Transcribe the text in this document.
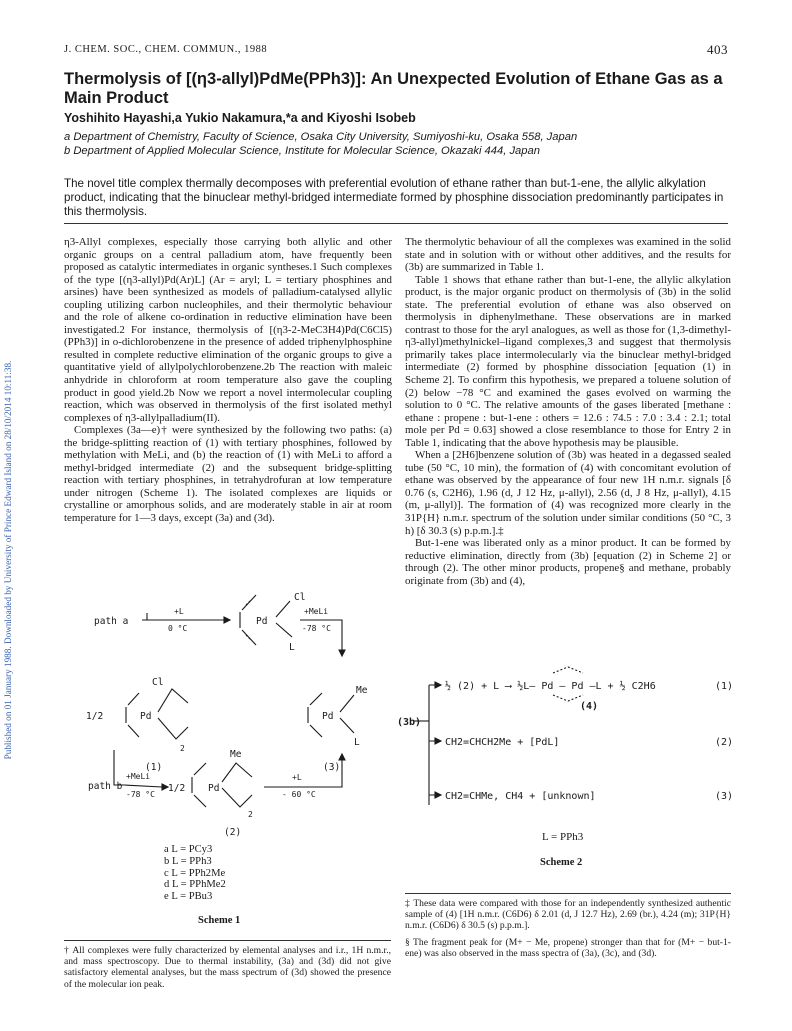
J. CHEM. SOC., CHEM. COMMUN., 1988	403
Published on 01 January 1988. Downloaded by University of Prince Edward Island on 28/10/2014 10:11:38.
Thermolysis of [(η3-allyl)PdMe(PPh3)]: An Unexpected Evolution of Ethane Gas as a Main Product
Yoshihito Hayashi,a Yukio Nakamura,*a and Kiyoshi Isobeb
a Department of Chemistry, Faculty of Science, Osaka City University, Sumiyoshi-ku, Osaka 558, Japan
b Department of Applied Molecular Science, Institute for Molecular Science, Okazaki 444, Japan
The novel title complex thermally decomposes with preferential evolution of ethane rather than but-1-ene, the allylic alkylation product, indicating that the binuclear methyl-bridged intermediate formed by phosphine dissociation predominantly participates in this thermolysis.

η3-Allyl complexes, especially those carrying both allylic and other organic groups on a central palladium atom, have frequently been proposed as catalytic intermediates in organic syntheses.1 Such complexes of the type [(η3-allyl)Pd(Ar)L] (Ar = aryl; L = tertiary phosphines and arsines) have been synthesized as models of palladium-catalysed allylic coupling utilizing carbon nucleophiles, and their thermolytic behaviour and the role of alkene co-ordination in reductive elimination have been investigated.2 For instance, thermolysis of [(η3-2-MeC3H4)Pd(C6Cl5)(PPh3)] in o-dichlorobenzene in the presence of added triphenylphosphine resulted in complete reductive elimination of the organic groups to give a quantitative yield of allylpolychlorobenzene.2b The reaction with maleic anhydride in chloroform at room temperature also gave the coupling product in good yield.2b Now we report a novel intermolecular coupling reaction, which was observed in thermolysis of the first isolated methyl complexes of η3-allylpalladium(II).

Complexes (3a—e)† were synthesized by the following two paths: (a) the bridge-splitting reaction of (1) with tertiary phosphines, followed by methylation with MeLi, and (b) the reaction of (1) with MeLi to afford a methyl-bridged intermediate (2) and the subsequent bridge-splitting reaction with tertiary phosphines, in tetrahydrofuran at low temperature under nitrogen (Scheme 1). The isolated complexes are liquids or crystalline or amorphous solids, and are moderately stable in air at room temperature for 1—3 days, except (3a) and (3d).

The thermolytic behaviour of all the complexes was examined in the solid state and in solution with or without other additives, and the results for (3b) are summarized in Table 1.

Table 1 shows that ethane rather than but-1-ene, the allylic alkylation product, is the major organic product on thermolysis of (3b) in the solid state. The preferential evolution of ethane was also observed on thermolysis in diphenylmethane. These observations are in marked contrast to those for the aryl analogues, as well as those for (1,3-dimethyl-η3-allyl)methylnickel–ligand complexes,3 and suggest that thermolysis primarily takes place intermolecularly via the binuclear methyl-bridged intermediate (2) formed by phosphine dissociation [equation (1) in Scheme 2]. To confirm this hypothesis, we prepared a toluene solution of (2) below −78 °C and examined the gases evolved on warming the solution to 0 °C. The relative amounts of the gases liberated [methane : ethane : propene : but-1-ene : others = 12.6 : 74.5 : 7.0 : 3.4 : 2.1; total mole per Pd = 0.63] showed a close resemblance to those for Entry 2 in Table 1, indicating that the above hypothesis may be plausible.

When a [2H6]benzene solution of (3b) was heated in a degassed sealed tube (50 °C, 10 min), the formation of (4) with concomitant evolution of ethane was observed by the appearance of four new 1H n.m.r. signals [δ 0.76 (s, C2H6), 1.96 (d, J 12 Hz, μ-allyl), 2.56 (d, J 8 Hz, μ-allyl), 4.15 (m, μ-allyl)]. The formation of (4) was recognized more clearly in the 31P{H} n.m.r. spectrum of the solution under similar conditions (50 °C, 3 h) [δ 30.3 (s) p.p.m.].‡

But-1-ene was liberated only as a minor product. It can be formed by reductive elimination, directly from (3b) [equation (2) in Scheme 2] or through (2). The other minor products, propene§ and methane, probably originate from (3b) and (4),

path a
+L
0 °C
Pd
Cl
L
+MeLi
-78 °C
1/2	Pd
Cl
2
(1)
Pd
Me
L
(3)
path b
+MeLi
-78 °C
1/2 Pd
Me
2
+L
- 60 °C
(2)
a L = PCy3
b L = PPh3
c L = PPh2Me
d L = PPhMe2
e L = PBu3
Scheme 1
(3b)
½ (2) + L ⟶ ½L— Pd — Pd —L + ½ C2H6	(1)
(4)
CH2=CHCH2Me + [PdL]	(2)
CH2=CHMe, CH4 + [unknown]	(3)
L = PPh3
Scheme 2

† All complexes were fully characterized by elemental analyses and i.r., 1H n.m.r., and mass spectroscopy. Due to thermal instability, (3a) and (3d) did not give satisfactory elemental analyses, but the mass spectrum of (3d) showed the presence of the molecular ion peak.

‡ These data were compared with those for an independently synthesized authentic sample of (4) [1H n.m.r. (C6D6) δ 2.01 (d, J 12.7 Hz), 2.69 (br.), 4.24 (m); 31P{H} n.m.r. (C6D6) δ 30.5 (s) p.p.m.].

§ The fragment peak for (M+ − Me, propene) stronger than that for (M+ − but-1-ene) was also observed in the mass spectra of (3a), (3c), and (3d).
